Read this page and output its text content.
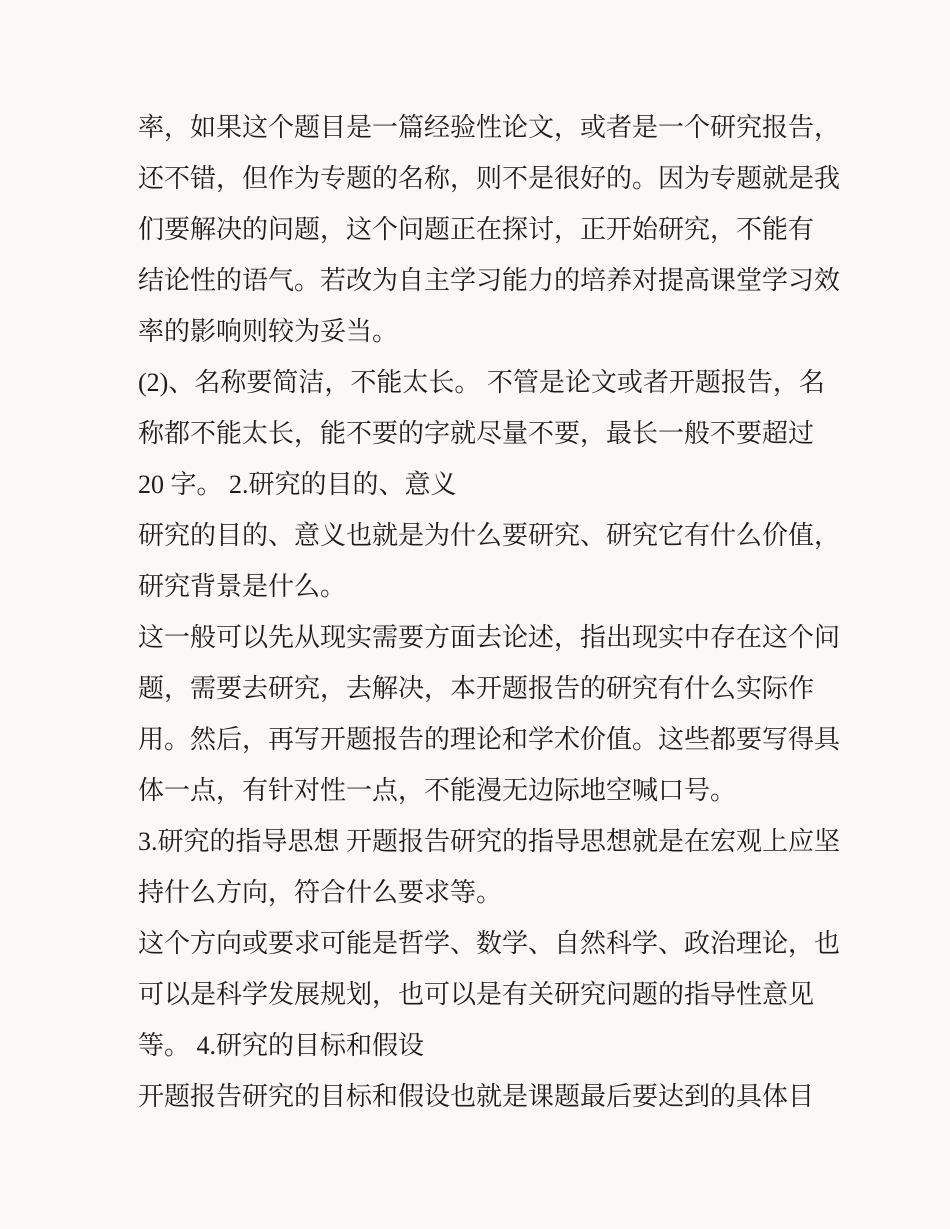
率，如果这个题目是一篇经验性论文，或者是一个研究报告，
还不错，但作为专题的名称，则不是很好的。因为专题就是我
们要解决的问题，这个问题正在探讨，正开始研究，不能有
结论性的语气。若改为自主学习能力的培养对提高课堂学习效
率的影响则较为妥当。
(2)、名称要简洁，不能太长。 不管是论文或者开题报告，名
称都不能太长，能不要的字就尽量不要，最长一般不要超过
20 字。 2.研究的目的、意义
研究的目的、意义也就是为什么要研究、研究它有什么价值，
研究背景是什么。
这一般可以先从现实需要方面去论述，指出现实中存在这个问
题，需要去研究，去解决，本开题报告的研究有什么实际作
用。然后，再写开题报告的理论和学术价值。这些都要写得具
体一点，有针对性一点，不能漫无边际地空喊口号。
3.研究的指导思想 开题报告研究的指导思想就是在宏观上应坚
持什么方向，符合什么要求等。
这个方向或要求可能是哲学、数学、自然科学、政治理论，也
可以是科学发展规划，也可以是有关研究问题的指导性意见
等。 4.研究的目标和假设
开题报告研究的目标和假设也就是课题最后要达到的具体目
